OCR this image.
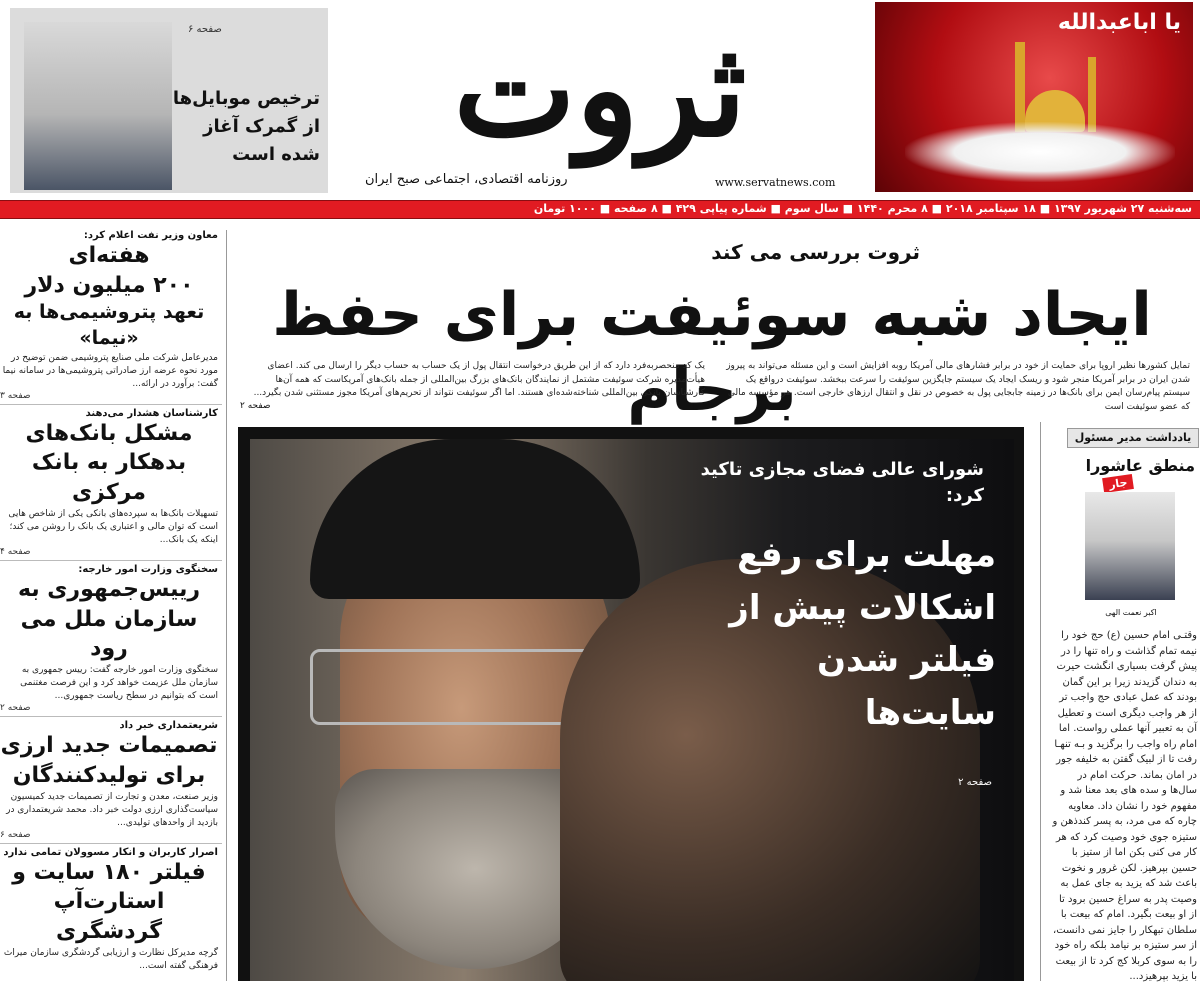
صفحه ۶
ترخیص موبایل‌ها از گمرک آغاز شده است	ثروت
روزنامه اقتصادی، اجتماعی صبح ایران	www.servatnews.com
یا اباعبدالله
سه‌شنبه ۲۷ شهریور ۱۳۹۷ ■ ۱۸ سپتامبر ۲۰۱۸ ■ ۸ محرم ۱۴۴۰ ■ سال سوم ■ شماره پیاپی ۴۲۹ ■ ۸ صفحه ■ ۱۰۰۰ تومان
معاون وزیر نفت اعلام کرد:
هفته‌ای
۲۰۰ میلیون دلار
تعهد پتروشیمی‌ها به «نیما»
مدیرعامل شرکت ملی صنایع پتروشیمی ضمن توضیح در مورد نحوه عرضه ارز صادراتی پتروشیمی‌ها در سامانه نیما گفت: برآورد در ارائه...
صفحه ۳
کارشناسان هشدار می‌دهند
مشکل بانک‌های بدهکار به بانک مرکزی
تسهیلات بانک‌ها به سپرده‌های بانکی یکی از شاخص هایی است که توان مالی و اعتباری یک بانک را روشن می کند؛ اینکه یک بانک...
صفحه ۴
سخنگوی وزارت امور خارجه:
رییس‌جمهوری به سازمان ملل می رود
سخنگوی وزارت امور خارجه گفت: رییس جمهوری به سازمان ملل عزیمت خواهد کرد و این فرصت مغتنمی است که بتوانیم در سطح ریاست جمهوری...
صفحه ۲
شریعتمداری خبر داد
تصمیمات جدید ارزی برای تولیدکنندگان
وزیر صنعت، معدن و تجارت از تصمیمات جدید کمیسیون سیاست‌گذاری ارزی دولت خبر داد. محمد شریعتمداری در بازدید از واحدهای تولیدی...
صفحه ۶
اصرار کاربران و انکار مسوولان تمامی ندارد
فیلتر ۱۸۰ سایت و استارت‌آپ گردشگری
گرچه مدیرکل نظارت و ارزیابی گردشگری سازمان میراث فرهنگی گفته است...
ثروت بررسی می کند
ایجاد شبه سوئیفت برای حفظ برجام
تمایل کشورها نظیر اروپا برای حمایت از خود در برابر فشارهای مالی آمریکا روبه افزایش است و این مسئله می‌تواند به پیروز شدن ایران در برابر آمریکا منجر شود و ریسک ایجاد یک سیستم جایگزین سوئیفت را سرعت ببخشد. سوئیفت درواقع یک سیستم پیام‌رسان ایمن برای بانک‌ها در زمینه جابجایی پول به خصوص در نقل و انتقال ارزهای خارجی است. هر مؤسسه مالی که عضو سوئیفت است
یک کد منحصربه‌فرد دارد که از این طریق درخواست انتقال پول از یک حساب به حساب دیگر را ارسال می کند. اعضای هیأت‌مدیره شرکت سوئیفت مشتمل از نمایندگان بانک‌های بزرگ بین‌المللی از جمله بانک‌های آمریکاست که همه آن‌ها کارشناسان بانکی بین‌المللی شناخته‌شده‌ای هستند. اما اگر سوئیفت نتواند از تحریم‌های آمریکا مجوز مستثنی شدن بگیرد...
صفحه ۲
شورای عالی فضای مجازی تاکید کرد:
مهلت برای رفع اشکالات پیش از فیلتر شدن سایت‌ها
صفحه ۲
یادداشت مدیر مسئول
منطق عاشورا
جار
اکبر نعمت الهی
وقتـی امام حسین (ع) حج خود را نیمه تمام گذاشت و راه تنها را در پیش گرفت بسیاری انگشت حیرت به دندان گزیدند زیرا بر این گمان بودند که عمل عبادی حج واجب تر از هر واجب دیگری است و تعطیل آن به تعبیر آنها عملی رواست. اما امام راه واجب را برگزید و بـه تنهـا رفت تا از لبیک گفتن به خلیفه جور در امان بماند. حرکت امام در سال‌ها و سده های بعد معنا شد و مفهوم خود را نشان داد. معاویه چاره که می مرد، به پسر کندذهن و ستیزه جوی خود وصیت کرد که هر کار می کنی بکن اما از ستیز با حسین بپرهیز. لکن غرور و نخوت باعث شد که یزید به جای عمل به وصیت پدر به سراغ حسین برود تا از او بیعت بگیرد. امام که بیعت با سلطان تبهکار را جایز نمی دانست، از سر ستیزه بر نیامد بلکه راه خود را به سوی کربلا کج کرد تا از بیعت با یزید بپرهیزد...
